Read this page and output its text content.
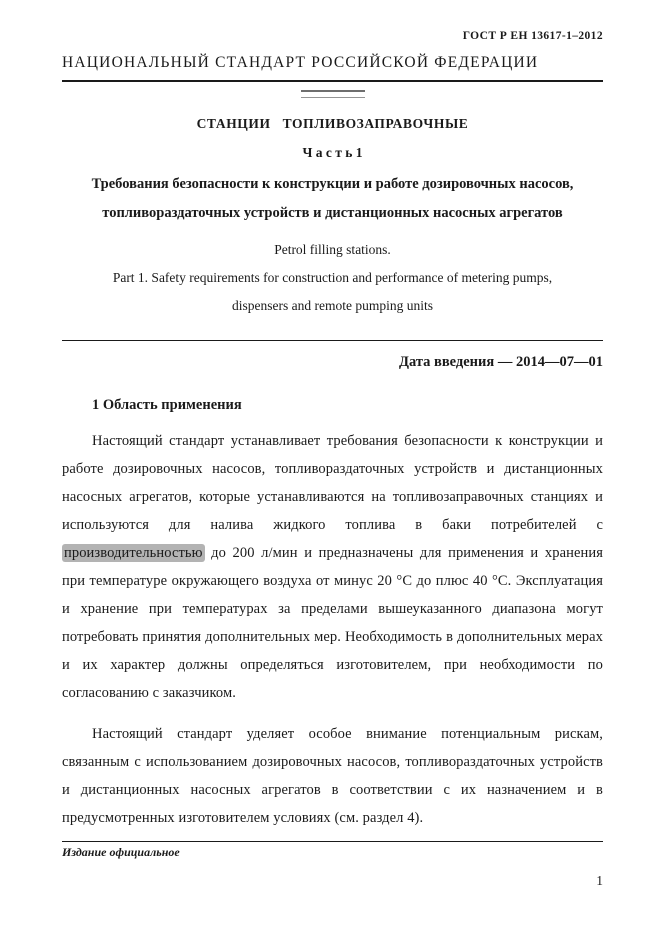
ГОСТ Р ЕН 13617-1–2012
НАЦИОНАЛЬНЫЙ СТАНДАРТ РОССИЙСКОЙ ФЕДЕРАЦИИ
СТАНЦИИ ТОПЛИВОЗАПРАВОЧНЫЕ
Ч а с т ь 1
Требования безопасности к конструкции и работе дозировочных насосов,
топливораздаточных устройств и дистанционных насосных агрегатов
Petrol filling stations.
Part 1. Safety requirements for construction and performance of metering pumps,
dispensers and remote pumping units
Дата введения — 2014—07—01
1 Область применения

Настоящий стандарт устанавливает требования безопасности к конструкции и работе дозировочных насосов, топливораздаточных устройств и дистанционных насосных агрегатов, которые устанавливаются на топливозаправочных станциях и используются для налива жидкого топлива в баки потребителей с производительностью до 200 л/мин и предназначены для применения и хранения при температуре окружающего воздуха от минус 20 °С до плюс 40 °С. Эксплуатация и хранение при температурах за пределами вышеуказанного диапазона могут потребовать принятия дополнительных мер. Необходимость в дополнительных мерах и их характер должны определяться изготовителем, при необходимости по согласованию с заказчиком.

Настоящий стандарт уделяет особое внимание потенциальным рискам, связанным с использованием дозировочных насосов, топливораздаточных устройств и дистанционных насосных агрегатов в соответствии с их назначением и в предусмотренных изготовителем условиях (см. раздел 4).

Издание официальное
1
